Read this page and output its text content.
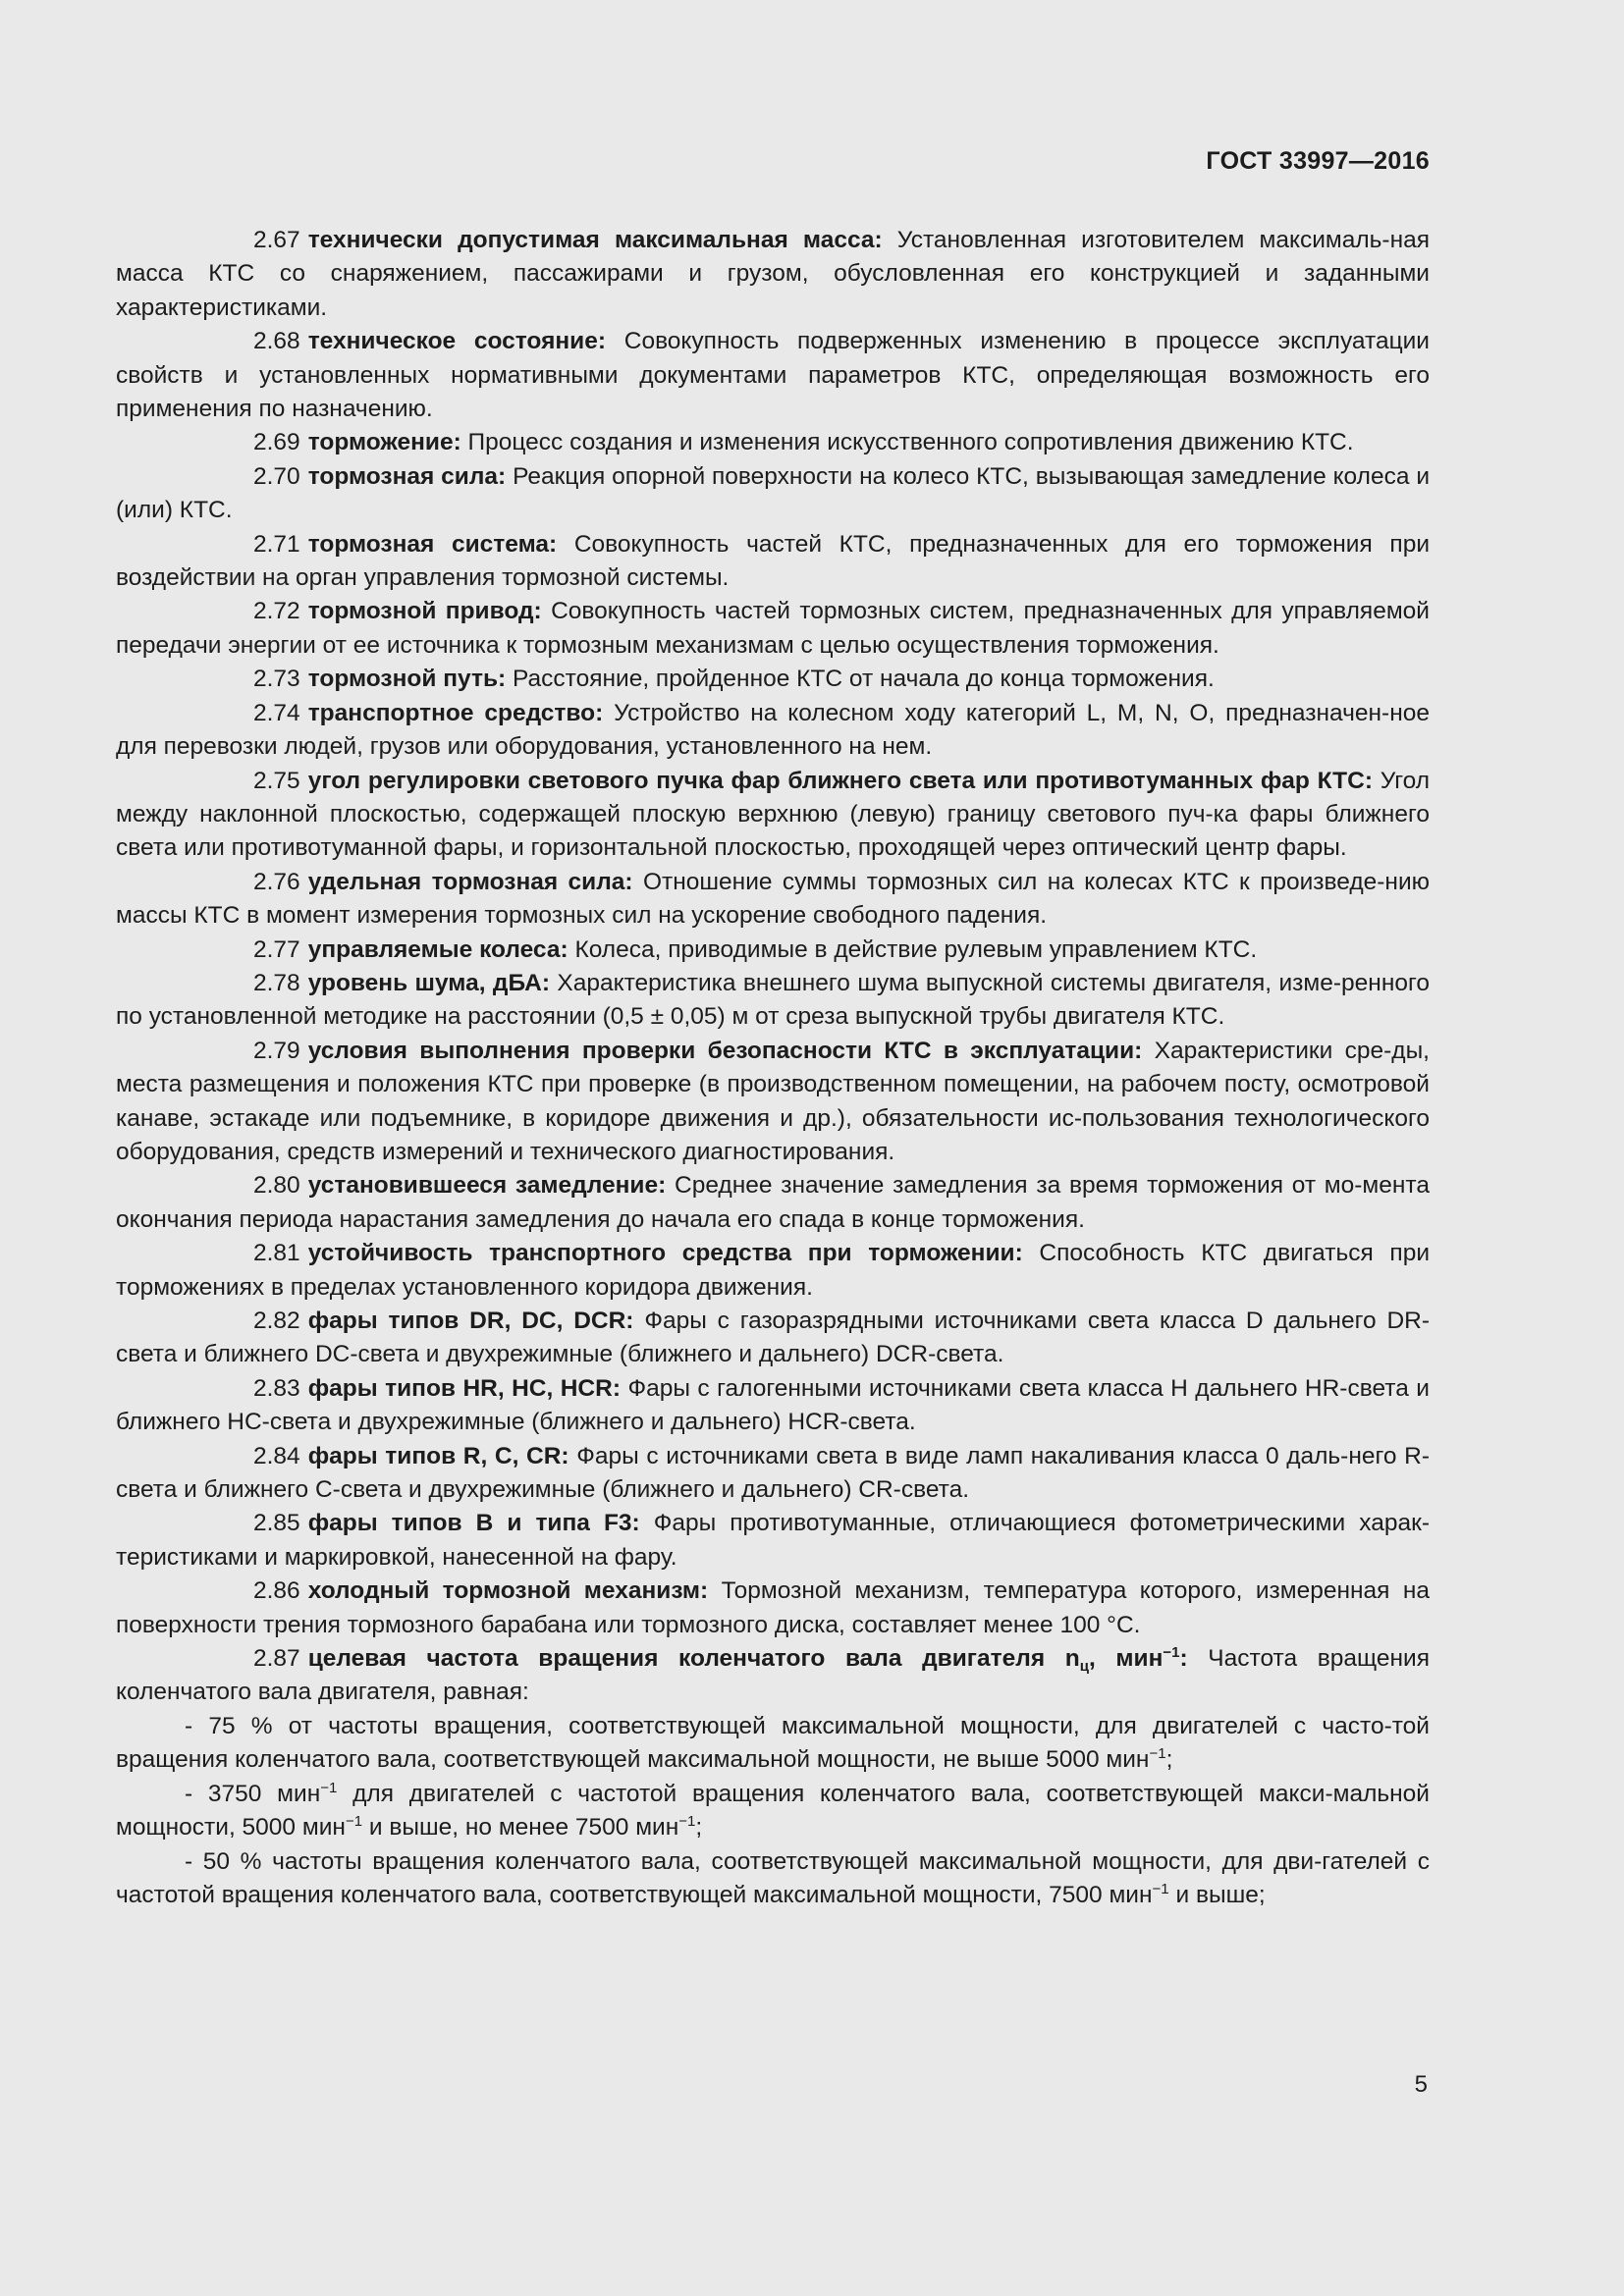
ГОСТ 33997—2016

2.67 технически допустимая максимальная масса: Установленная изготовителем максималь-ная масса КТС со снаряжением, пассажирами и грузом, обусловленная его конструкцией и заданными характеристиками.

2.68 техническое состояние: Совокупность подверженных изменению в процессе эксплуатации свойств и установленных нормативными документами параметров КТС, определяющая возможность его применения по назначению.

2.69 торможение: Процесс создания и изменения искусственного сопротивления движению КТС.

2.70 тормозная сила: Реакция опорной поверхности на колесо КТС, вызывающая замедление колеса и (или) КТС.

2.71 тормозная система: Совокупность частей КТС, предназначенных для его торможения при воздействии на орган управления тормозной системы.

2.72 тормозной привод: Совокупность частей тормозных систем, предназначенных для управляемой передачи энергии от ее источника к тормозным механизмам с целью осуществления торможения.

2.73 тормозной путь: Расстояние, пройденное КТС от начала до конца торможения.

2.74 транспортное средство: Устройство на колесном ходу категорий L, M, N, O, предназначен-ное для перевозки людей, грузов или оборудования, установленного на нем.

2.75 угол регулировки светового пучка фар ближнего света или противотуманных фар КТС: Угол между наклонной плоскостью, содержащей плоскую верхнюю (левую) границу светового пуч-ка фары ближнего света или противотуманной фары, и горизонтальной плоскостью, проходящей через оптический центр фары.

2.76 удельная тормозная сила: Отношение суммы тормозных сил на колесах КТС к произведе-нию массы КТС в момент измерения тормозных сил на ускорение свободного падения.

2.77 управляемые колеса: Колеса, приводимые в действие рулевым управлением КТС.

2.78 уровень шума, дБА: Характеристика внешнего шума выпускной системы двигателя, изме-ренного по установленной методике на расстоянии (0,5 ± 0,05) м от среза выпускной трубы двигателя КТС.

2.79 условия выполнения проверки безопасности КТС в эксплуатации: Характеристики сре-ды, места размещения и положения КТС при проверке (в производственном помещении, на рабочем посту, осмотровой канаве, эстакаде или подъемнике, в коридоре движения и др.), обязательности ис-пользования технологического оборудования, средств измерений и технического диагностирования.

2.80 установившееся замедление: Среднее значение замедления за время торможения от мо-мента окончания периода нарастания замедления до начала его спада в конце торможения.

2.81 устойчивость транспортного средства при торможении: Способность КТС двигаться при торможениях в пределах установленного коридора движения.

2.82 фары типов DR, DC, DCR: Фары с газоразрядными источниками света класса D дальнего DR-света и ближнего DC-света и двухрежимные (ближнего и дальнего) DCR-света.

2.83 фары типов HR, HC, HCR: Фары с галогенными источниками света класса H дальнего HR-света и ближнего HC-света и двухрежимные (ближнего и дальнего) HCR-света.

2.84 фары типов R, C, CR: Фары с источниками света в виде ламп накаливания класса 0 даль-него R-света и ближнего C-света и двухрежимные (ближнего и дальнего) CR-света.

2.85 фары типов B и типа F3: Фары противотуманные, отличающиеся фотометрическими харак-теристиками и маркировкой, нанесенной на фару.

2.86 холодный тормозной механизм: Тормозной механизм, температура которого, измеренная на поверхности трения тормозного барабана или тормозного диска, составляет менее 100 °С.

2.87 целевая частота вращения коленчатого вала двигателя $n_ц$, мин$^{-1}$: Частота вращения коленчатого вала двигателя, равная:

- 75 % от частоты вращения, соответствующей максимальной мощности, для двигателей с часто-той вращения коленчатого вала, соответствующей максимальной мощности, не выше 5000 мин$^{-1}$;

- 3750 мин$^{-1}$ для двигателей с частотой вращения коленчатого вала, соответствующей макси-мальной мощности, 5000 мин$^{-1}$ и выше, но менее 7500 мин$^{-1}$;

- 50 % частоты вращения коленчатого вала, соответствующей максимальной мощности, для дви-гателей с частотой вращения коленчатого вала, соответствующей максимальной мощности, 7500 мин$^{-1}$ и выше;

5
